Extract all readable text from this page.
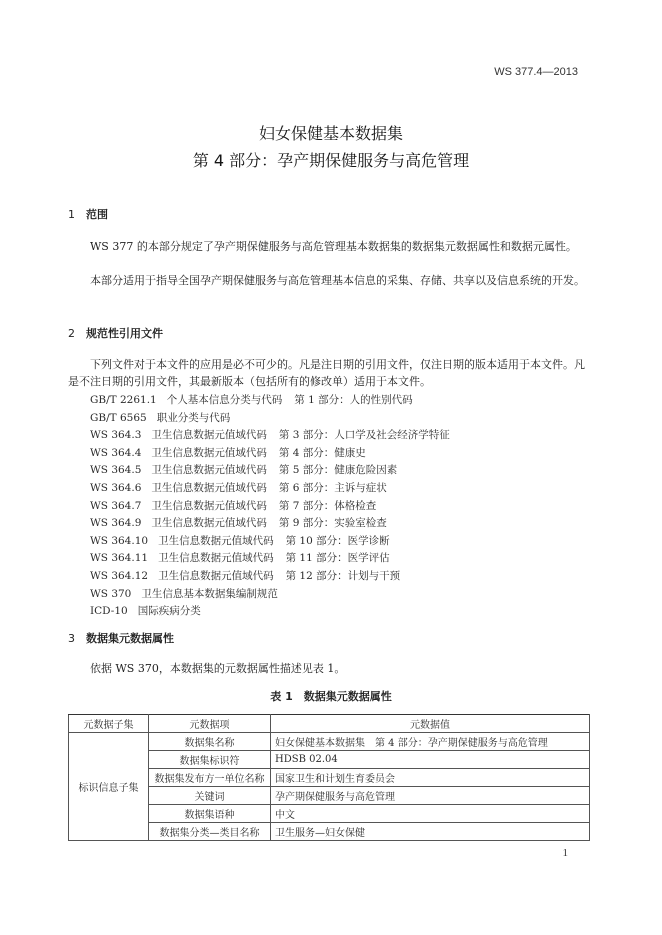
WS 377.4—2013
妇女保健基本数据集
第 4 部分：孕产期保健服务与高危管理
1 范围
WS 377 的本部分规定了孕产期保健服务与高危管理基本数据集的数据集元数据属性和数据元属性。
本部分适用于指导全国孕产期保健服务与高危管理基本信息的采集、存储、共享以及信息系统的开发。
2 规范性引用文件
下列文件对于本文件的应用是必不可少的。凡是注日期的引用文件，仅注日期的版本适用于本文件。凡是不注日期的引用文件，其最新版本（包括所有的修改单）适用于本文件。
GB/T 2261.1 个人基本信息分类与代码 第 1 部分：人的性别代码
GB/T 6565 职业分类与代码
WS 364.3 卫生信息数据元值域代码 第 3 部分：人口学及社会经济学特征
WS 364.4 卫生信息数据元值域代码 第 4 部分：健康史
WS 364.5 卫生信息数据元值域代码 第 5 部分：健康危险因素
WS 364.6 卫生信息数据元值域代码 第 6 部分：主诉与症状
WS 364.7 卫生信息数据元值域代码 第 7 部分：体格检查
WS 364.9 卫生信息数据元值域代码 第 9 部分：实验室检查
WS 364.10 卫生信息数据元值域代码 第 10 部分：医学诊断
WS 364.11 卫生信息数据元值域代码 第 11 部分：医学评估
WS 364.12 卫生信息数据元值域代码 第 12 部分：计划与干预
WS 370 卫生信息基本数据集编制规范
ICD-10 国际疾病分类
3 数据集元数据属性
依据 WS 370，本数据集的元数据属性描述见表 1。
表 1　数据集元数据属性
元数据子集	元数据项	元数据值
标识信息子集	数据集名称	妇女保健基本数据集　第 4 部分：孕产期保健服务与高危管理
	数据集标识符	HDSB 02.04
	数据集发布方一单位名称	国家卫生和计划生育委员会
	关键词	孕产期保健服务与高危管理
	数据集语种	中文
	数据集分类—类目名称	卫生服务—妇女保健
1
